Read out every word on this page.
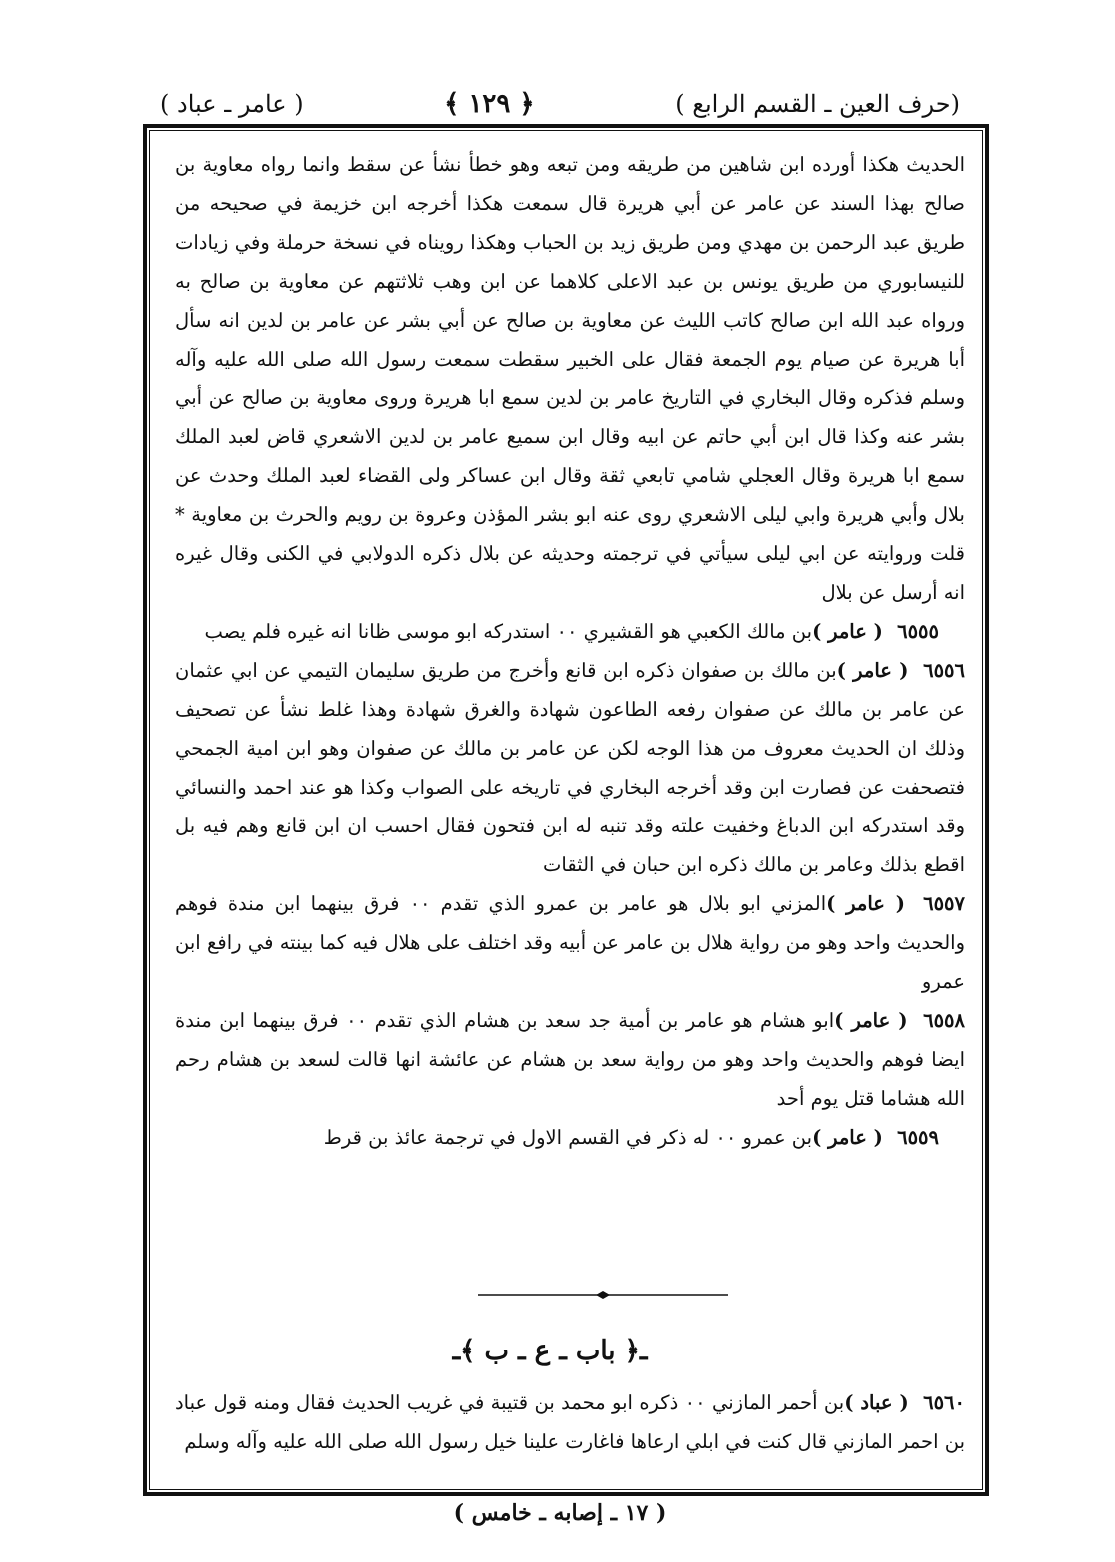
(حرف العين ـ القسم الرابع )
﴿ ١٢٩ ﴾
( عامر ـ عباد )

الحديث هكذا أورده ابن شاهين من طريقه ومن تبعه وهو خطأ نشأ عن سقط وانما رواه معاوية بن صالح بهذا السند عن عامر عن أبي هريرة قال سمعت هكذا أخرجه ابن خزيمة في صحيحه من طريق عبد الرحمن بن مهدي ومن طريق زيد بن الحباب وهكذا رويناه في نسخة حرملة وفي زيادات للنيسابوري من طريق يونس بن عبد الاعلى كلاهما عن ابن وهب ثلاثتهم عن معاوية بن صالح به ورواه عبد الله ابن صالح كاتب الليث عن معاوية بن صالح عن أبي بشر عن عامر بن لدين انه سأل أبا هريرة عن صيام يوم الجمعة فقال على الخبير سقطت سمعت رسول الله صلى الله عليه وآله وسلم فذكره وقال البخاري في التاريخ عامر بن لدين سمع ابا هريرة وروى معاوية بن صالح عن أبي بشر عنه وكذا قال ابن أبي حاتم عن ابيه وقال ابن سميع عامر بن لدين الاشعري قاض لعبد الملك سمع ابا هريرة وقال العجلي شامي تابعي ثقة وقال ابن عساكر ولى القضاء لعبد الملك وحدث عن بلال وأبي هريرة وابي ليلى الاشعري روى عنه ابو بشر المؤذن وعروة بن رويم والحرث بن معاوية * قلت وروايته عن ابي ليلى سيأتي في ترجمته وحديثه عن بلال ذكره الدولابي في الكنى وقال غيره انه أرسل عن بلال

٦٥٥٥ ( عامر )بن مالك الكعبي هو القشيري ٠٠ استدركه ابو موسى ظانا انه غيره فلم يصب

٦٥٥٦ ( عامر )بن مالك بن صفوان ذكره ابن قانع وأخرج من طريق سليمان التيمي عن ابي عثمان عن عامر بن مالك عن صفوان رفعه الطاعون شهادة والغرق شهادة وهذا غلط نشأ عن تصحيف وذلك ان الحديث معروف من هذا الوجه لكن عن عامر بن مالك عن صفوان وهو ابن امية الجمحي فتصحفت عن فصارت ابن وقد أخرجه البخاري في تاريخه على الصواب وكذا هو عند احمد والنسائي وقد استدركه ابن الدباغ وخفيت علته وقد تنبه له ابن فتحون فقال احسب ان ابن قانع وهم فيه بل اقطع بذلك وعامر بن مالك ذكره ابن حبان في الثقات

٦٥٥٧ ( عامر )المزني ابو بلال هو عامر بن عمرو الذي تقدم ٠٠ فرق بينهما ابن مندة فوهم والحديث واحد وهو من رواية هلال بن عامر عن أبيه وقد اختلف على هلال فيه كما بينته في رافع ابن عمرو

٦٥٥٨ ( عامر )ابو هشام هو عامر بن أمية جد سعد بن هشام الذي تقدم ٠٠ فرق بينهما ابن مندة ايضا فوهم والحديث واحد وهو من رواية سعد بن هشام عن عائشة انها قالت لسعد بن هشام رحم الله هشاما قتل يوم أحد

٦٥٥٩ ( عامر )بن عمرو ٠٠ له ذكر في القسم الاول في ترجمة عائذ بن قرط

ـ﴿ باب ـ ع ـ ب ﴾ـ

٦٥٦٠ ( عباد )بن أحمر المازني ٠٠ ذكره ابو محمد بن قتيبة في غريب الحديث فقال ومنه قول عباد بن احمر المازني قال كنت في ابلي ارعاها فاغارت علينا خيل رسول الله صلى الله عليه وآله وسلم

( ١٧ ـ إصابه ـ خامس )
